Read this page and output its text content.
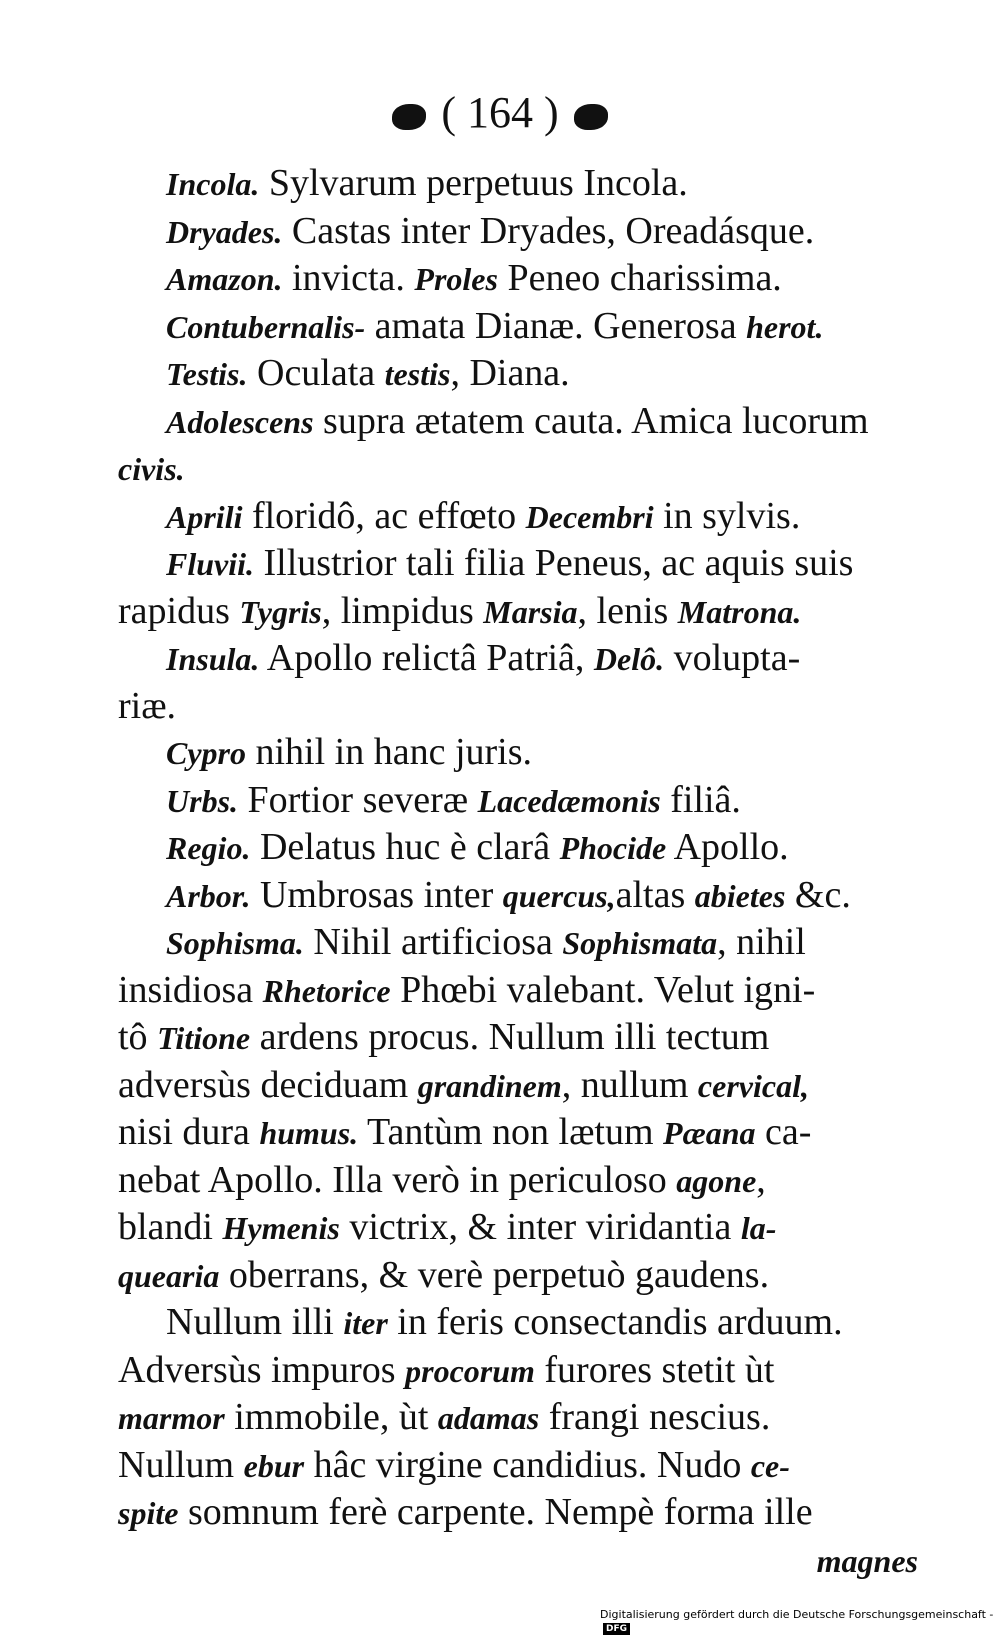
( 164 )
Incola. Sylvarum perpetuus Incola.
Dryades. Castas inter Dryades, Oreadásque.
Amazon. invicta. Proles Peneo charissima.
Contubernalis- amata Dianæ. Generosa herot.
Testis. Oculata testis, Diana.
Adolescens supra ætatem cauta. Amica lucorum
civis.
Aprili floridô, ac effœto Decembri in sylvis.
Fluvii. Illustrior tali filia Peneus, ac aquis suis
rapidus Tygris, limpidus Marsia, lenis Matrona.
Insula. Apollo relictâ Patriâ, Delô. volupta-
riæ.
Cypro nihil in hanc juris.
Urbs. Fortior severæ Lacedæmonis filiâ.
Regio. Delatus huc è clarâ Phocide Apollo.
Arbor. Umbrosas inter quercus,altas abietes &c.
Sophisma. Nihil artificiosa Sophismata, nihil
insidiosa Rhetorice Phœbi valebant. Velut igni-
tô Titione ardens procus. Nullum illi tectum
adversùs deciduam grandinem, nullum cervical,
nisi dura humus. Tantùm non lætum Pæana ca-
nebat Apollo. Illa verò in periculoso agone,
blandi Hymenis victrix, & inter viridantia la-
quearia oberrans, & verè perpetuò gaudens.
Nullum illi iter in feris consectandis arduum.
Adversùs impuros procorum furores stetit ùt
marmor immobile, ùt adamas frangi nescius.
Nullum ebur hâc virgine candidius. Nudo ce-
spite somnum ferè carpente. Nempè forma ille
magnes
Digitalisierung gefördert durch die Deutsche Forschungsgemeinschaft - DFG
